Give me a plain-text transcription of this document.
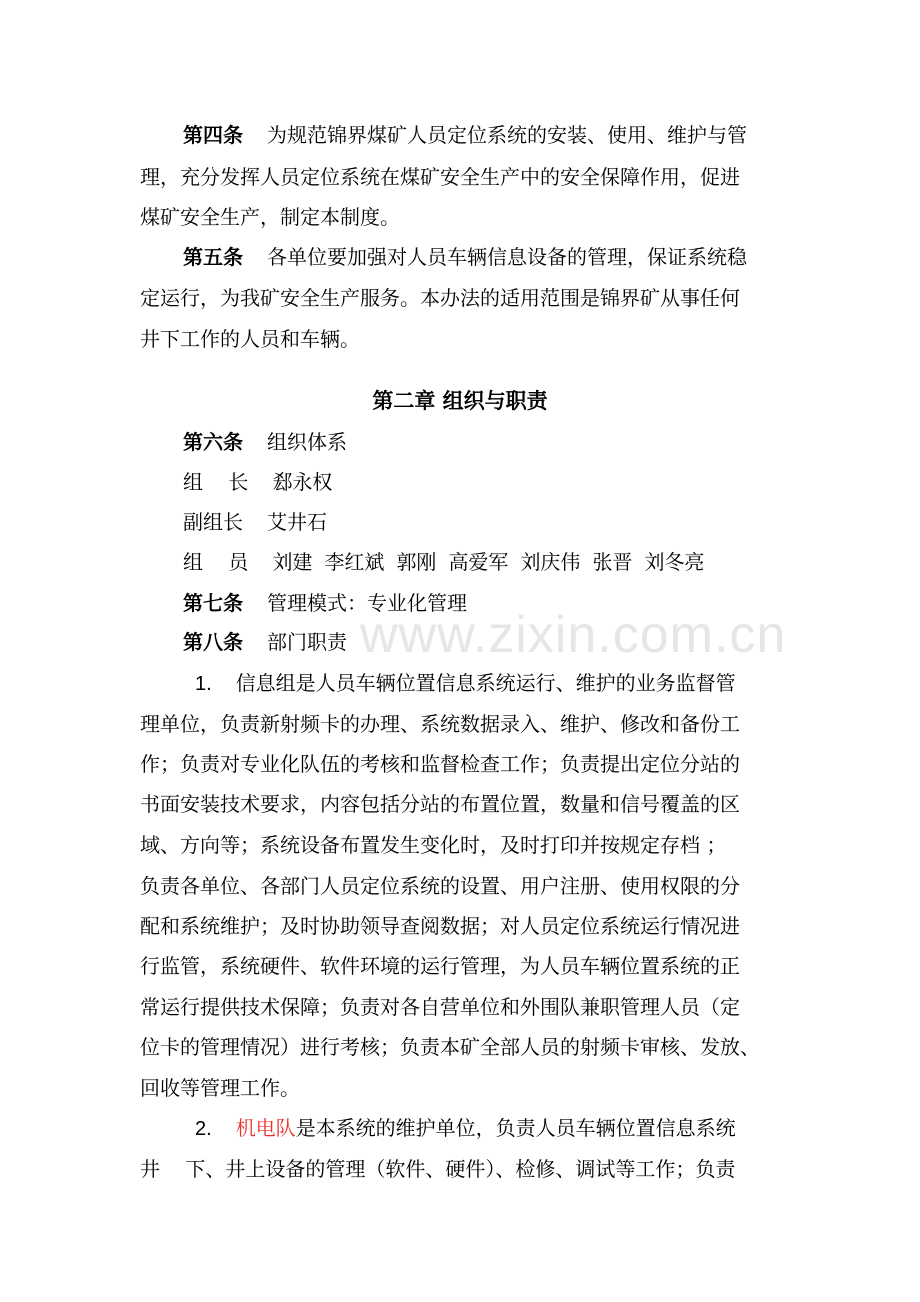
www.zixin.com.cn
第四条 为规范锦界煤矿人员定位系统的安装、使用、维护与管
理，充分发挥人员定位系统在煤矿安全生产中的安全保障作用，促进
煤矿安全生产，制定本制度。
第五条 各单位要加强对人员车辆信息设备的管理，保证系统稳
定运行，为我矿安全生产服务。本办法的适用范围是锦界矿从事任何
井下工作的人员和车辆。
第二章 组织与职责
第六条 组织体系
组    长 郄永权
副组长 艾井石
组    员 刘建 李红斌 郭刚 高爱军 刘庆伟 张晋 刘冬亮
第七条 管理模式：专业化管理
第八条 部门职责
1. 信息组是人员车辆位置信息系统运行、维护的业务监督管
理单位，负责新射频卡的办理、系统数据录入、维护、修改和备份工
作；负责对专业化队伍的考核和监督检查工作；负责提出定位分站的
书面安装技术要求，内容包括分站的布置位置，数量和信号覆盖的区
域、方向等；系统设备布置发生变化时，及时打印并按规定存档 ；
负责各单位、各部门人员定位系统的设置、用户注册、使用权限的分
配和系统维护；及时协助领导查阅数据；对人员定位系统运行情况进
行监管，系统硬件、软件环境的运行管理，为人员车辆位置系统的正
常运行提供技术保障；负责对各自营单位和外围队兼职管理人员（定
位卡的管理情况）进行考核；负责本矿全部人员的射频卡审核、发放、
回收等管理工作。
2. 机电队是本系统的维护单位，负责人员车辆位置信息系统
井    下、井上设备的管理（软件、硬件）、检修、调试等工作；负责
